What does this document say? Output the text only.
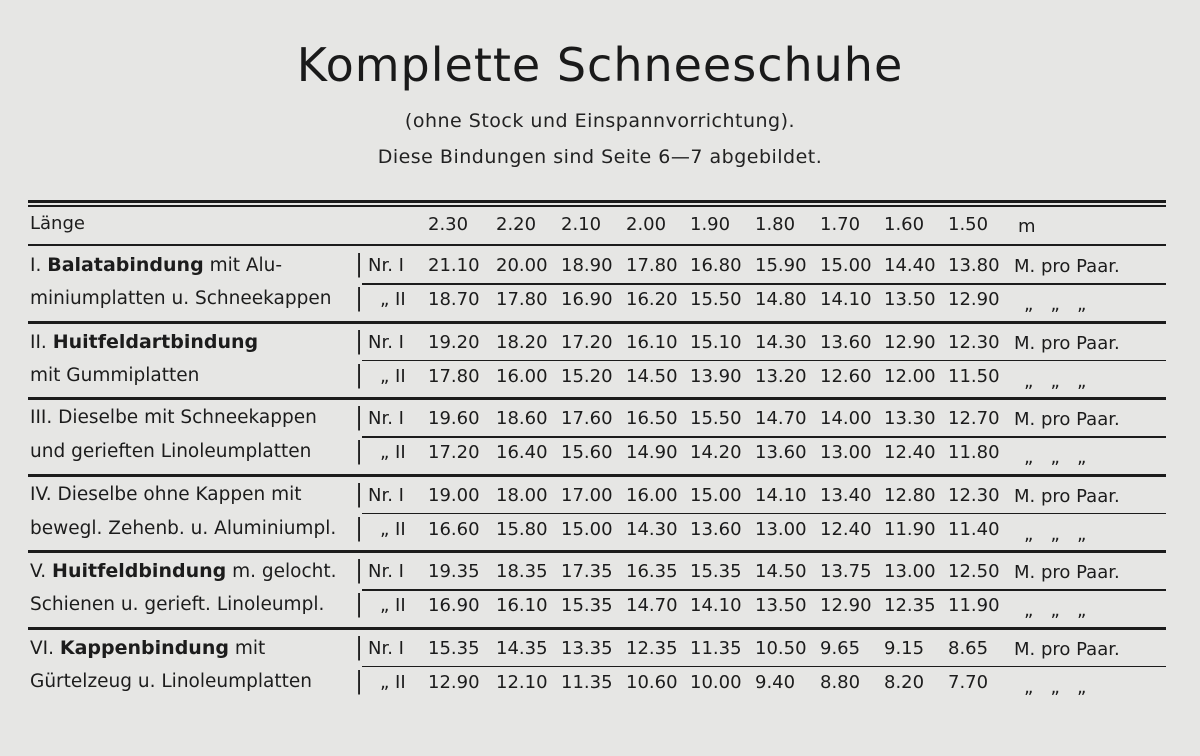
Komplette Schneeschuhe
(ohne Stock und Einspannvorrichtung).
Diese Bindungen sind Seite 6—7 abgebildet.
Länge	2.30 2.20 2.10 2.00 1.90 1.80 1.70 1.60 1.50 m
I. Balatabindung mit Alu-
miniumplatten u. Schneekappen
|
|
Nr. I
„ II
21.10 20.00 18.90 17.80 16.80 15.90 15.00 14.40 13.80
18.70 17.80 16.90 16.20 15.50 14.80 14.10 13.50 12.90
M. pro Paar.
„   „   „
II. Huitfeldartbindung
mit Gummiplatten
|
|
Nr. I
„ II
19.20 18.20 17.20 16.10 15.10 14.30 13.60 12.90 12.30
17.80 16.00 15.20 14.50 13.90 13.20 12.60 12.00 11.50
M. pro Paar.
„   „   „
III. Dieselbe mit Schneekappen
und gerieften Linoleumplatten
|
|
Nr. I
„ II
19.60 18.60 17.60 16.50 15.50 14.70 14.00 13.30 12.70
17.20 16.40 15.60 14.90 14.20 13.60 13.00 12.40 11.80
M. pro Paar.
„   „   „
IV. Dieselbe ohne Kappen mit
bewegl. Zehenb. u. Aluminiumpl.
|
|
Nr. I
„ II
19.00 18.00 17.00 16.00 15.00 14.10 13.40 12.80 12.30
16.60 15.80 15.00 14.30 13.60 13.00 12.40 11.90 11.40
M. pro Paar.
„   „   „
V. Huitfeldbindung m. gelocht.
Schienen u. gerieft. Linoleumpl.
|
|
Nr. I
„ II
19.35 18.35 17.35 16.35 15.35 14.50 13.75 13.00 12.50
16.90 16.10 15.35 14.70 14.10 13.50 12.90 12.35 11.90
M. pro Paar.
„   „   „
VI. Kappenbindung mit
Gürtelzeug u. Linoleumplatten
|
|
Nr. I
„ II
15.35 14.35 13.35 12.35 11.35 10.50 9.65 9.15 8.65
12.90 12.10 11.35 10.60 10.00 9.40 8.80 8.20 7.70
M. pro Paar.
„   „   „
